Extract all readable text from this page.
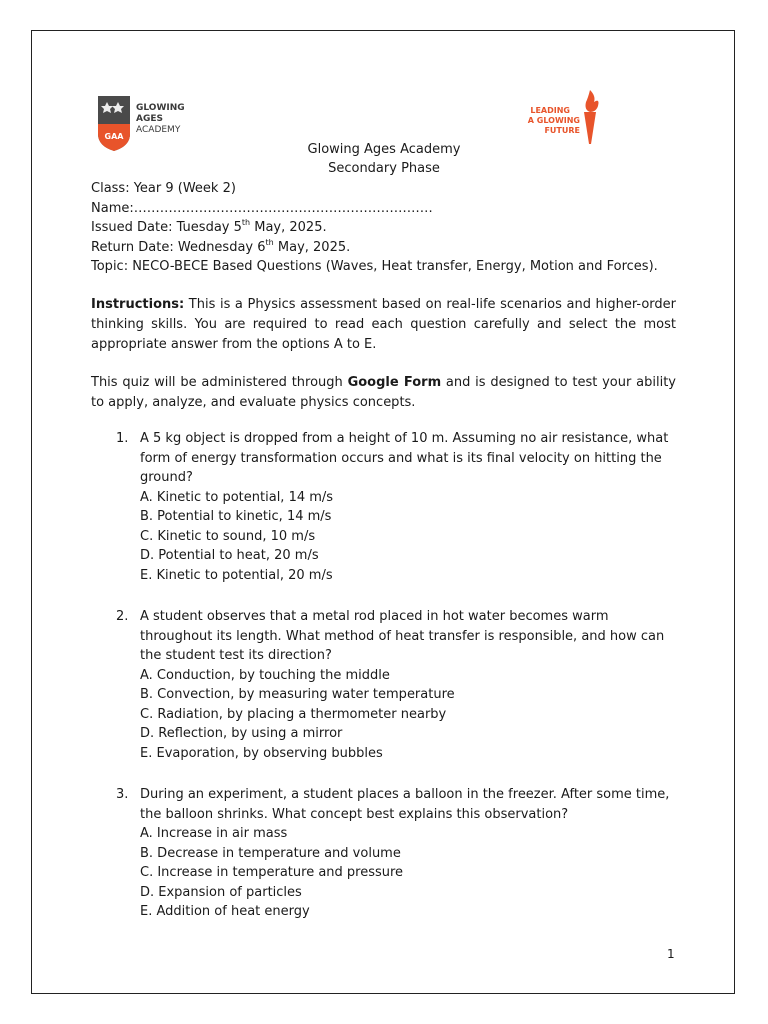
GAA
GLOWING
AGES
ACADEMY
LEADING
A GLOWING
FUTURE
Glowing Ages Academy
Secondary Phase
Class: Year 9 (Week 2)
Name:……………………………………………………………
Issued Date: Tuesday 5th May, 2025.
Return Date: Wednesday 6th May, 2025.
Topic: NECO-BECE Based Questions (Waves, Heat transfer, Energy, Motion and Forces).
Instructions: This is a Physics assessment based on real-life scenarios and higher-order thinking skills. You are required to read each question carefully and select the most appropriate answer from the options A to E.
This quiz will be administered through Google Form and is designed to test your ability to apply, analyze, and evaluate physics concepts.
1. A 5 kg object is dropped from a height of 10 m. Assuming no air resistance, what form of energy transformation occurs and what is its final velocity on hitting the ground?
A. Kinetic to potential, 14 m/s
B. Potential to kinetic, 14 m/s
C. Kinetic to sound, 10 m/s
D. Potential to heat, 20 m/s
E. Kinetic to potential, 20 m/s
2. A student observes that a metal rod placed in hot water becomes warm throughout its length. What method of heat transfer is responsible, and how can the student test its direction?
A. Conduction, by touching the middle
B. Convection, by measuring water temperature
C. Radiation, by placing a thermometer nearby
D. Reflection, by using a mirror
E. Evaporation, by observing bubbles
3. During an experiment, a student places a balloon in the freezer. After some time, the balloon shrinks. What concept best explains this observation?
A. Increase in air mass
B. Decrease in temperature and volume
C. Increase in temperature and pressure
D. Expansion of particles
E. Addition of heat energy
1
